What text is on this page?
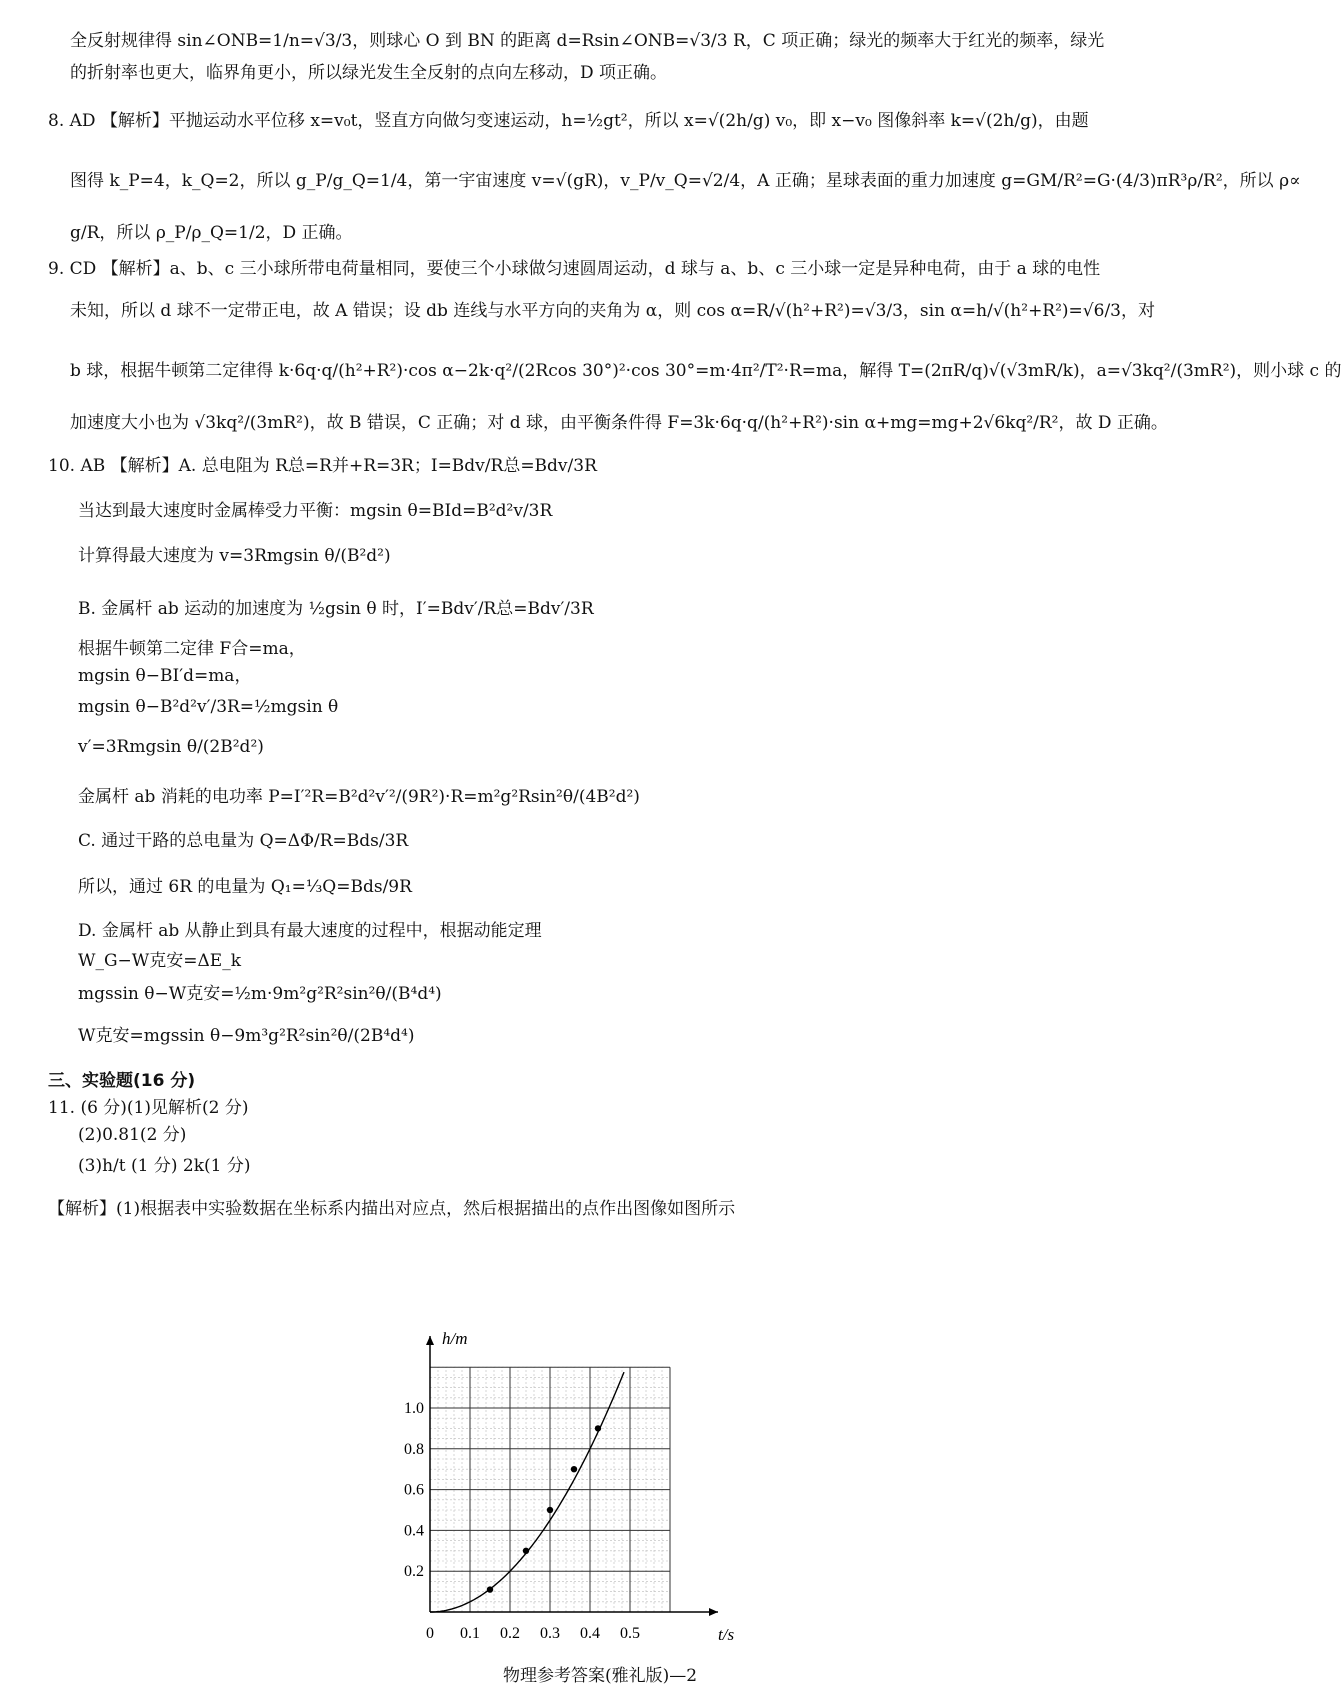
全反射规律得 sin∠ONB=1/n=√3/3，则球心 O 到 BN 的距离 d=Rsin∠ONB=√3/3 R，C 项正确；绿光的频率大于红光的频率，绿光
的折射率也更大，临界角更小，所以绿光发生全反射的点向左移动，D 项正确。
8. AD 【解析】平抛运动水平位移 x=v₀t，竖直方向做匀变速运动，h=½gt²，所以 x=√(2h/g) v₀，即 x−v₀ 图像斜率 k=√(2h/g)，由题
图得 k_P=4，k_Q=2，所以 g_P/g_Q=1/4，第一宇宙速度 v=√(gR)，v_P/v_Q=√2/4，A 正确；星球表面的重力加速度 g=GM/R²=G·(4/3)πR³ρ/R²，所以 ρ∝
g/R，所以 ρ_P/ρ_Q=1/2，D 正确。
9. CD 【解析】a、b、c 三小球所带电荷量相同，要使三个小球做匀速圆周运动，d 球与 a、b、c 三小球一定是异种电荷，由于 a 球的电性
未知，所以 d 球不一定带正电，故 A 错误；设 db 连线与水平方向的夹角为 α，则 cos α=R/√(h²+R²)=√3/3，sin α=h/√(h²+R²)=√6/3，对
b 球，根据牛顿第二定律得 k·6q·q/(h²+R²)·cos α−2k·q²/(2Rcos 30°)²·cos 30°=m·4π²/T²·R=ma，解得 T=(2πR/q)√(√3mR/k)，a=√3kq²/(3mR²)，则小球 c 的
加速度大小也为 √3kq²/(3mR²)，故 B 错误，C 正确；对 d 球，由平衡条件得 F=3k·6q·q/(h²+R²)·sin α+mg=mg+2√6kq²/R²，故 D 正确。
10. AB 【解析】A. 总电阻为 R总=R并+R=3R；I=Bdv/R总=Bdv/3R
当达到最大速度时金属棒受力平衡：mgsin θ=BId=B²d²v/3R
计算得最大速度为 v=3Rmgsin θ/(B²d²)
B. 金属杆 ab 运动的加速度为 ½gsin θ 时，I′=Bdv′/R总=Bdv′/3R
根据牛顿第二定律 F合=ma，
mgsin θ−BI′d=ma，
mgsin θ−B²d²v′/3R=½mgsin θ
v′=3Rmgsin θ/(2B²d²)
金属杆 ab 消耗的电功率 P=I′²R=B²d²v′²/(9R²)·R=m²g²Rsin²θ/(4B²d²)
C. 通过干路的总电量为 Q=ΔΦ/R=Bds/3R
所以，通过 6R 的电量为 Q₁=⅓Q=Bds/9R
D. 金属杆 ab 从静止到具有最大速度的过程中，根据动能定理
W_G−W克安=ΔE_k
mgssin θ−W克安=½m·9m²g²R²sin²θ/(B⁴d⁴)
W克安=mgssin θ−9m³g²R²sin²θ/(2B⁴d⁴)
三、实验题(16 分)
11. (6 分)(1)见解析(2 分)
(2)0.81(2 分)
(3)h/t (1 分) 2k(1 分)
【解析】(1)根据表中实验数据在坐标系内描出对应点，然后根据描出的点作出图像如图所示
0 0.1 0.2 0.3 0.4 0.5
0.2
0.4
0.6
0.8
1.0
t/s
h/m
物理参考答案(雅礼版)—2
